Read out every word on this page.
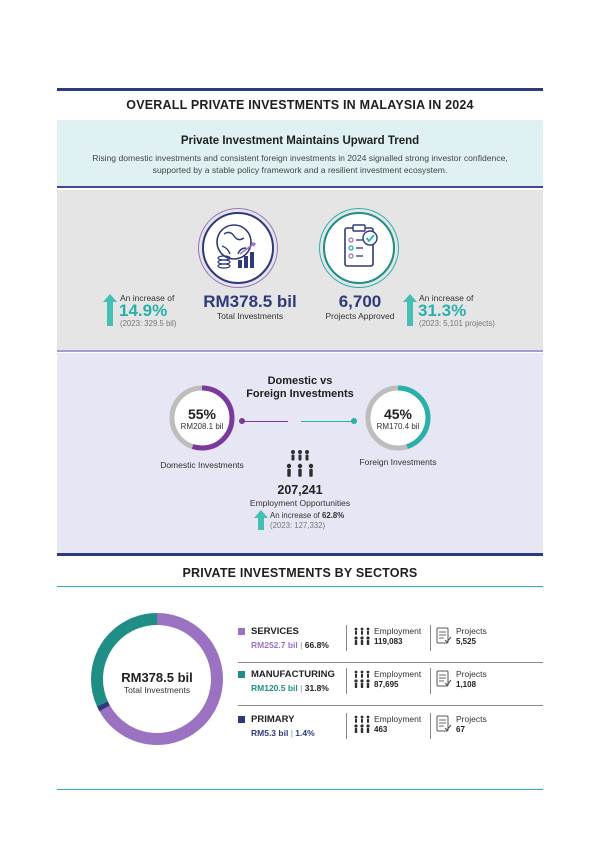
OVERALL PRIVATE INVESTMENTS IN MALAYSIA IN 2024
Private Investment Maintains Upward Trend
Rising domestic investments and consistent foreign investments in 2024 signalled strong investor confidence, supported by a stable policy framework and a resilient investment ecosystem.
An increase of
14.9%
(2023: 329.5 bil)
RM378.5 bil
Total Investments
6,700
Projects Approved
An increase of
31.3%
(2023: 5,101 projects)
Domestic vs
Foreign Investments
55%
RM208.1 bil
Domestic Investments
45%
RM170.4 bil
Foreign Investments
207,241
Employment Opportunities
An increase of 62.8%
(2023: 127,332)
PRIVATE INVESTMENTS BY SECTORS
RM378.5 bil
Total Investments
SERVICES
RM252.7 bil | 66.8%
Employment
119,083
Projects
5,525
MANUFACTURING
RM120.5 bil | 31.8%
Employment
87,695
Projects
1,108
PRIMARY
RM5.3 bil | 1.4%
Employment
463
Projects
67
